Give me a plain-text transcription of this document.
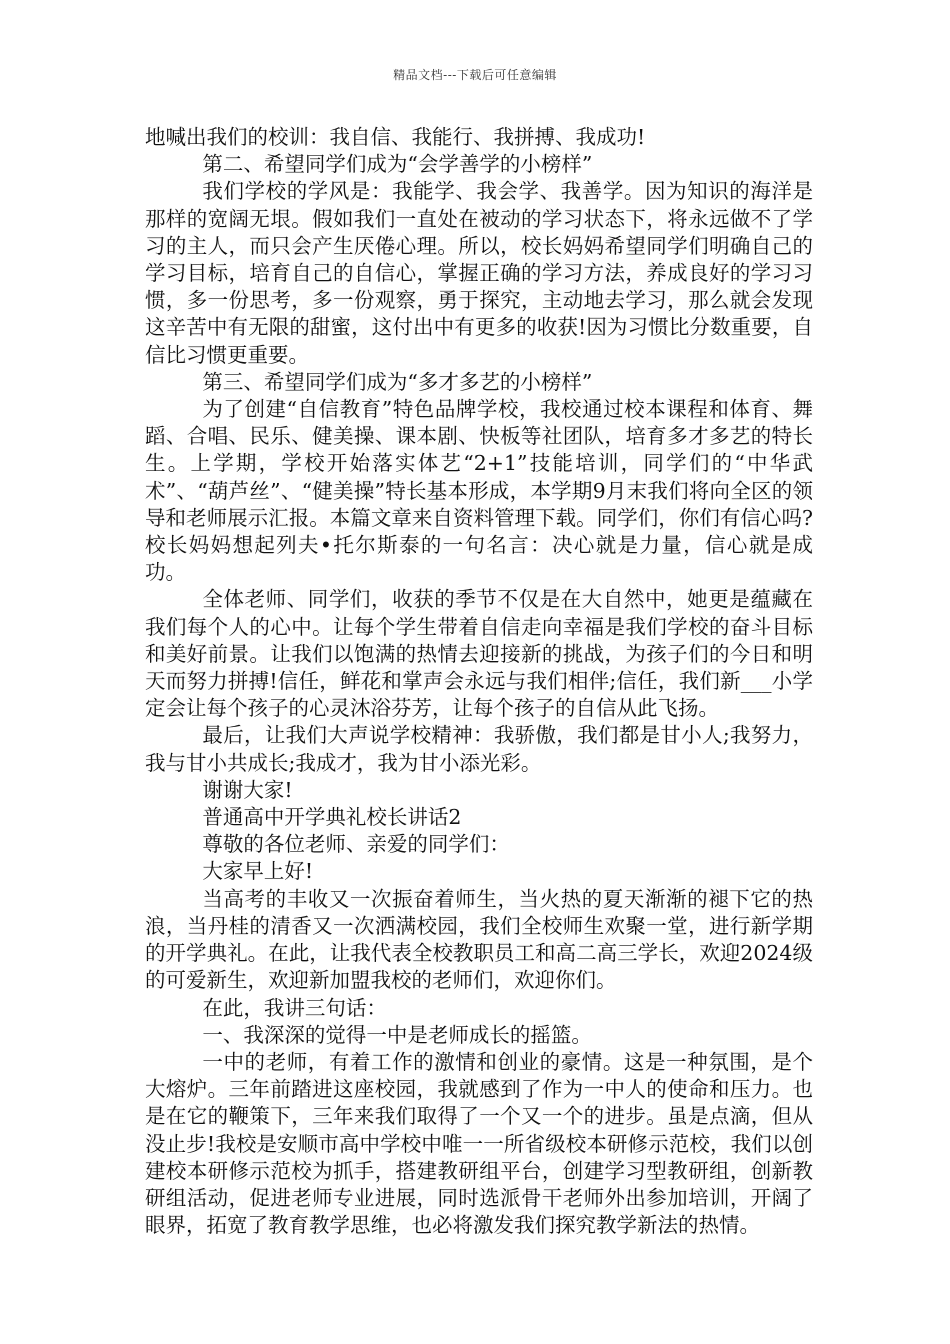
精品文档---下载后可任意编辑

地喊出我们的校训：我自信、我能行、我拼搏、我成功!

第二、希望同学们成为“会学善学的小榜样”

我们学校的学风是：我能学、我会学、我善学。因为知识的海洋是那样的宽阔无垠。假如我们一直处在被动的学习状态下，将永远做不了学习的主人，而只会产生厌倦心理。所以，校长妈妈希望同学们明确自己的学习目标，培育自己的自信心，掌握正确的学习方法，养成良好的学习习惯，多一份思考，多一份观察，勇于探究，主动地去学习，那么就会发现这辛苦中有无限的甜蜜，这付出中有更多的收获!因为习惯比分数重要，自信比习惯更重要。

第三、希望同学们成为“多才多艺的小榜样”

为了创建“自信教育”特色品牌学校，我校通过校本课程和体育、舞蹈、合唱、民乐、健美操、课本剧、快板等社团队，培育多才多艺的特长生。上学期，学校开始落实体艺“2+1”技能培训，同学们的“中华武术”、“葫芦丝”、“健美操”特长基本形成，本学期9月末我们将向全区的领导和老师展示汇报。本篇文章来自资料管理下载。同学们，你们有信心吗?校长妈妈想起列夫•托尔斯泰的一句名言：决心就是力量，信心就是成功。

全体老师、同学们，收获的季节不仅是在大自然中，她更是蕴藏在我们每个人的心中。让每个学生带着自信走向幸福是我们学校的奋斗目标和美好前景。让我们以饱满的热情去迎接新的挑战，为孩子们的今日和明天而努力拼搏!信任，鲜花和掌声会永远与我们相伴;信任，我们新___小学定会让每个孩子的心灵沐浴芬芳，让每个孩子的自信从此飞扬。

最后，让我们大声说学校精神：我骄傲，我们都是甘小人;我努力，我与甘小共成长;我成才，我为甘小添光彩。

谢谢大家!

普通高中开学典礼校长讲话2

尊敬的各位老师、亲爱的同学们：

大家早上好!

当高考的丰收又一次振奋着师生，当火热的夏天渐渐的褪下它的热浪，当丹桂的清香又一次洒满校园，我们全校师生欢聚一堂，进行新学期的开学典礼。在此，让我代表全校教职员工和高二高三学长，欢迎2024级的可爱新生，欢迎新加盟我校的老师们，欢迎你们。

在此，我讲三句话：

一、我深深的觉得一中是老师成长的摇篮。

一中的老师，有着工作的激情和创业的豪情。这是一种氛围，是个大熔炉。三年前踏进这座校园，我就感到了作为一中人的使命和压力。也是在它的鞭策下，三年来我们取得了一个又一个的进步。虽是点滴，但从没止步!我校是安顺市高中学校中唯一一所省级校本研修示范校，我们以创建校本研修示范校为抓手，搭建教研组平台，创建学习型教研组，创新教研组活动，促进老师专业进展，同时选派骨干老师外出参加培训，开阔了眼界，拓宽了教育教学思维，也必将激发我们探究教学新法的热情。
